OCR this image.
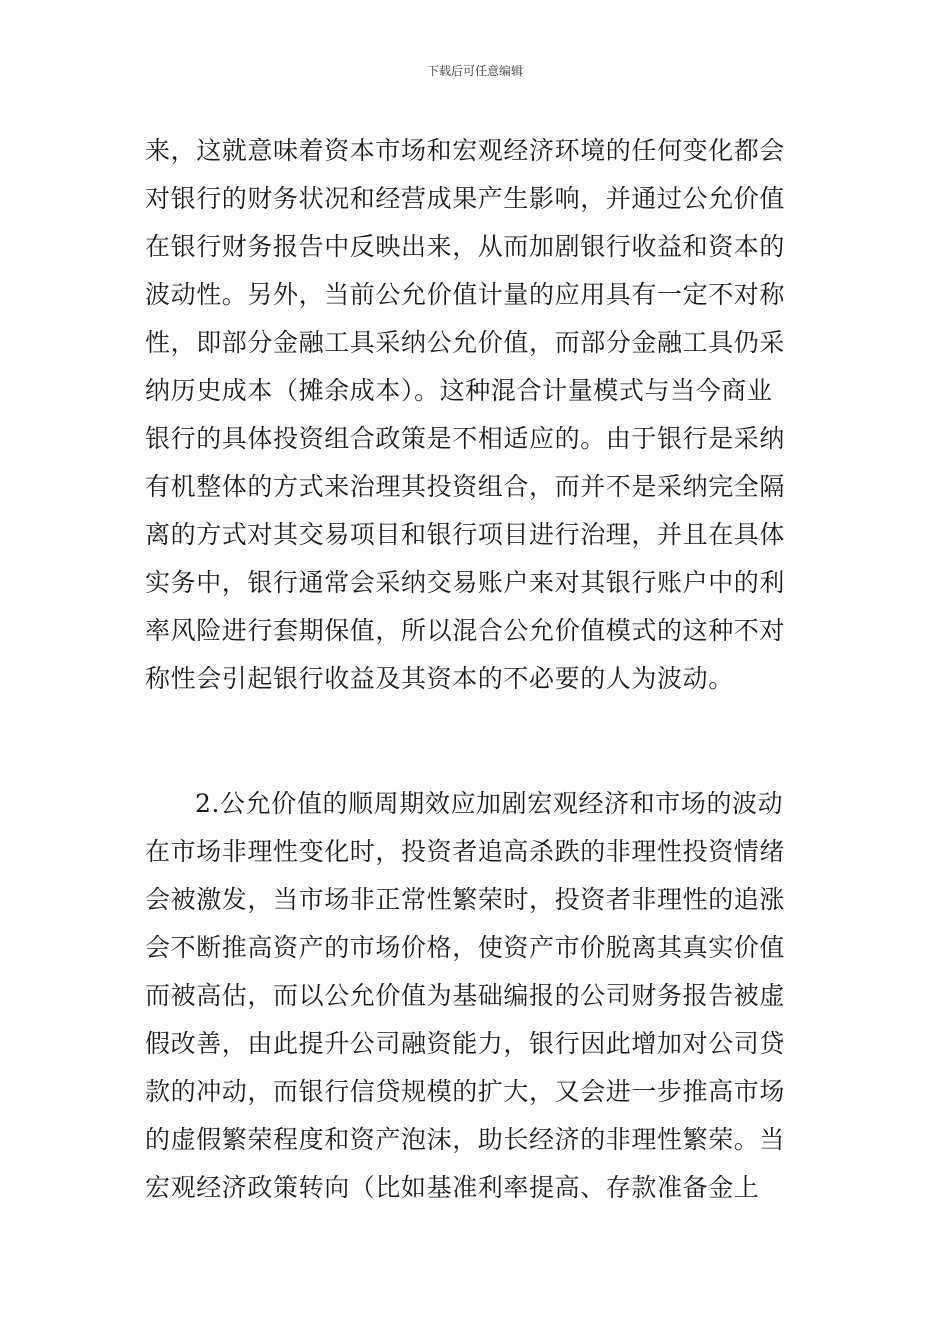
下载后可任意编辑
来，这就意味着资本市场和宏观经济环境的任何变化都会
对银行的财务状况和经营成果产生影响，并通过公允价值
在银行财务报告中反映出来，从而加剧银行收益和资本的
波动性。另外，当前公允价值计量的应用具有一定不对称
性，即部分金融工具采纳公允价值，而部分金融工具仍采
纳历史成本（摊余成本）。这种混合计量模式与当今商业
银行的具体投资组合政策是不相适应的。由于银行是采纳
有机整体的方式来治理其投资组合，而并不是采纳完全隔
离的方式对其交易项目和银行项目进行治理，并且在具体
实务中，银行通常会采纳交易账户来对其银行账户中的利
率风险进行套期保值，所以混合公允价值模式的这种不对
称性会引起银行收益及其资本的不必要的人为波动。
2.公允价值的顺周期效应加剧宏观经济和市场的波动
在市场非理性变化时，投资者追高杀跌的非理性投资情绪
会被激发，当市场非正常性繁荣时，投资者非理性的追涨
会不断推高资产的市场价格，使资产市价脱离其真实价值
而被高估，而以公允价值为基础编报的公司财务报告被虚
假改善，由此提升公司融资能力，银行因此增加对公司贷
款的冲动，而银行信贷规模的扩大，又会进一步推高市场
的虚假繁荣程度和资产泡沫，助长经济的非理性繁荣。当
宏观经济政策转向（比如基准利率提高、存款准备金上
